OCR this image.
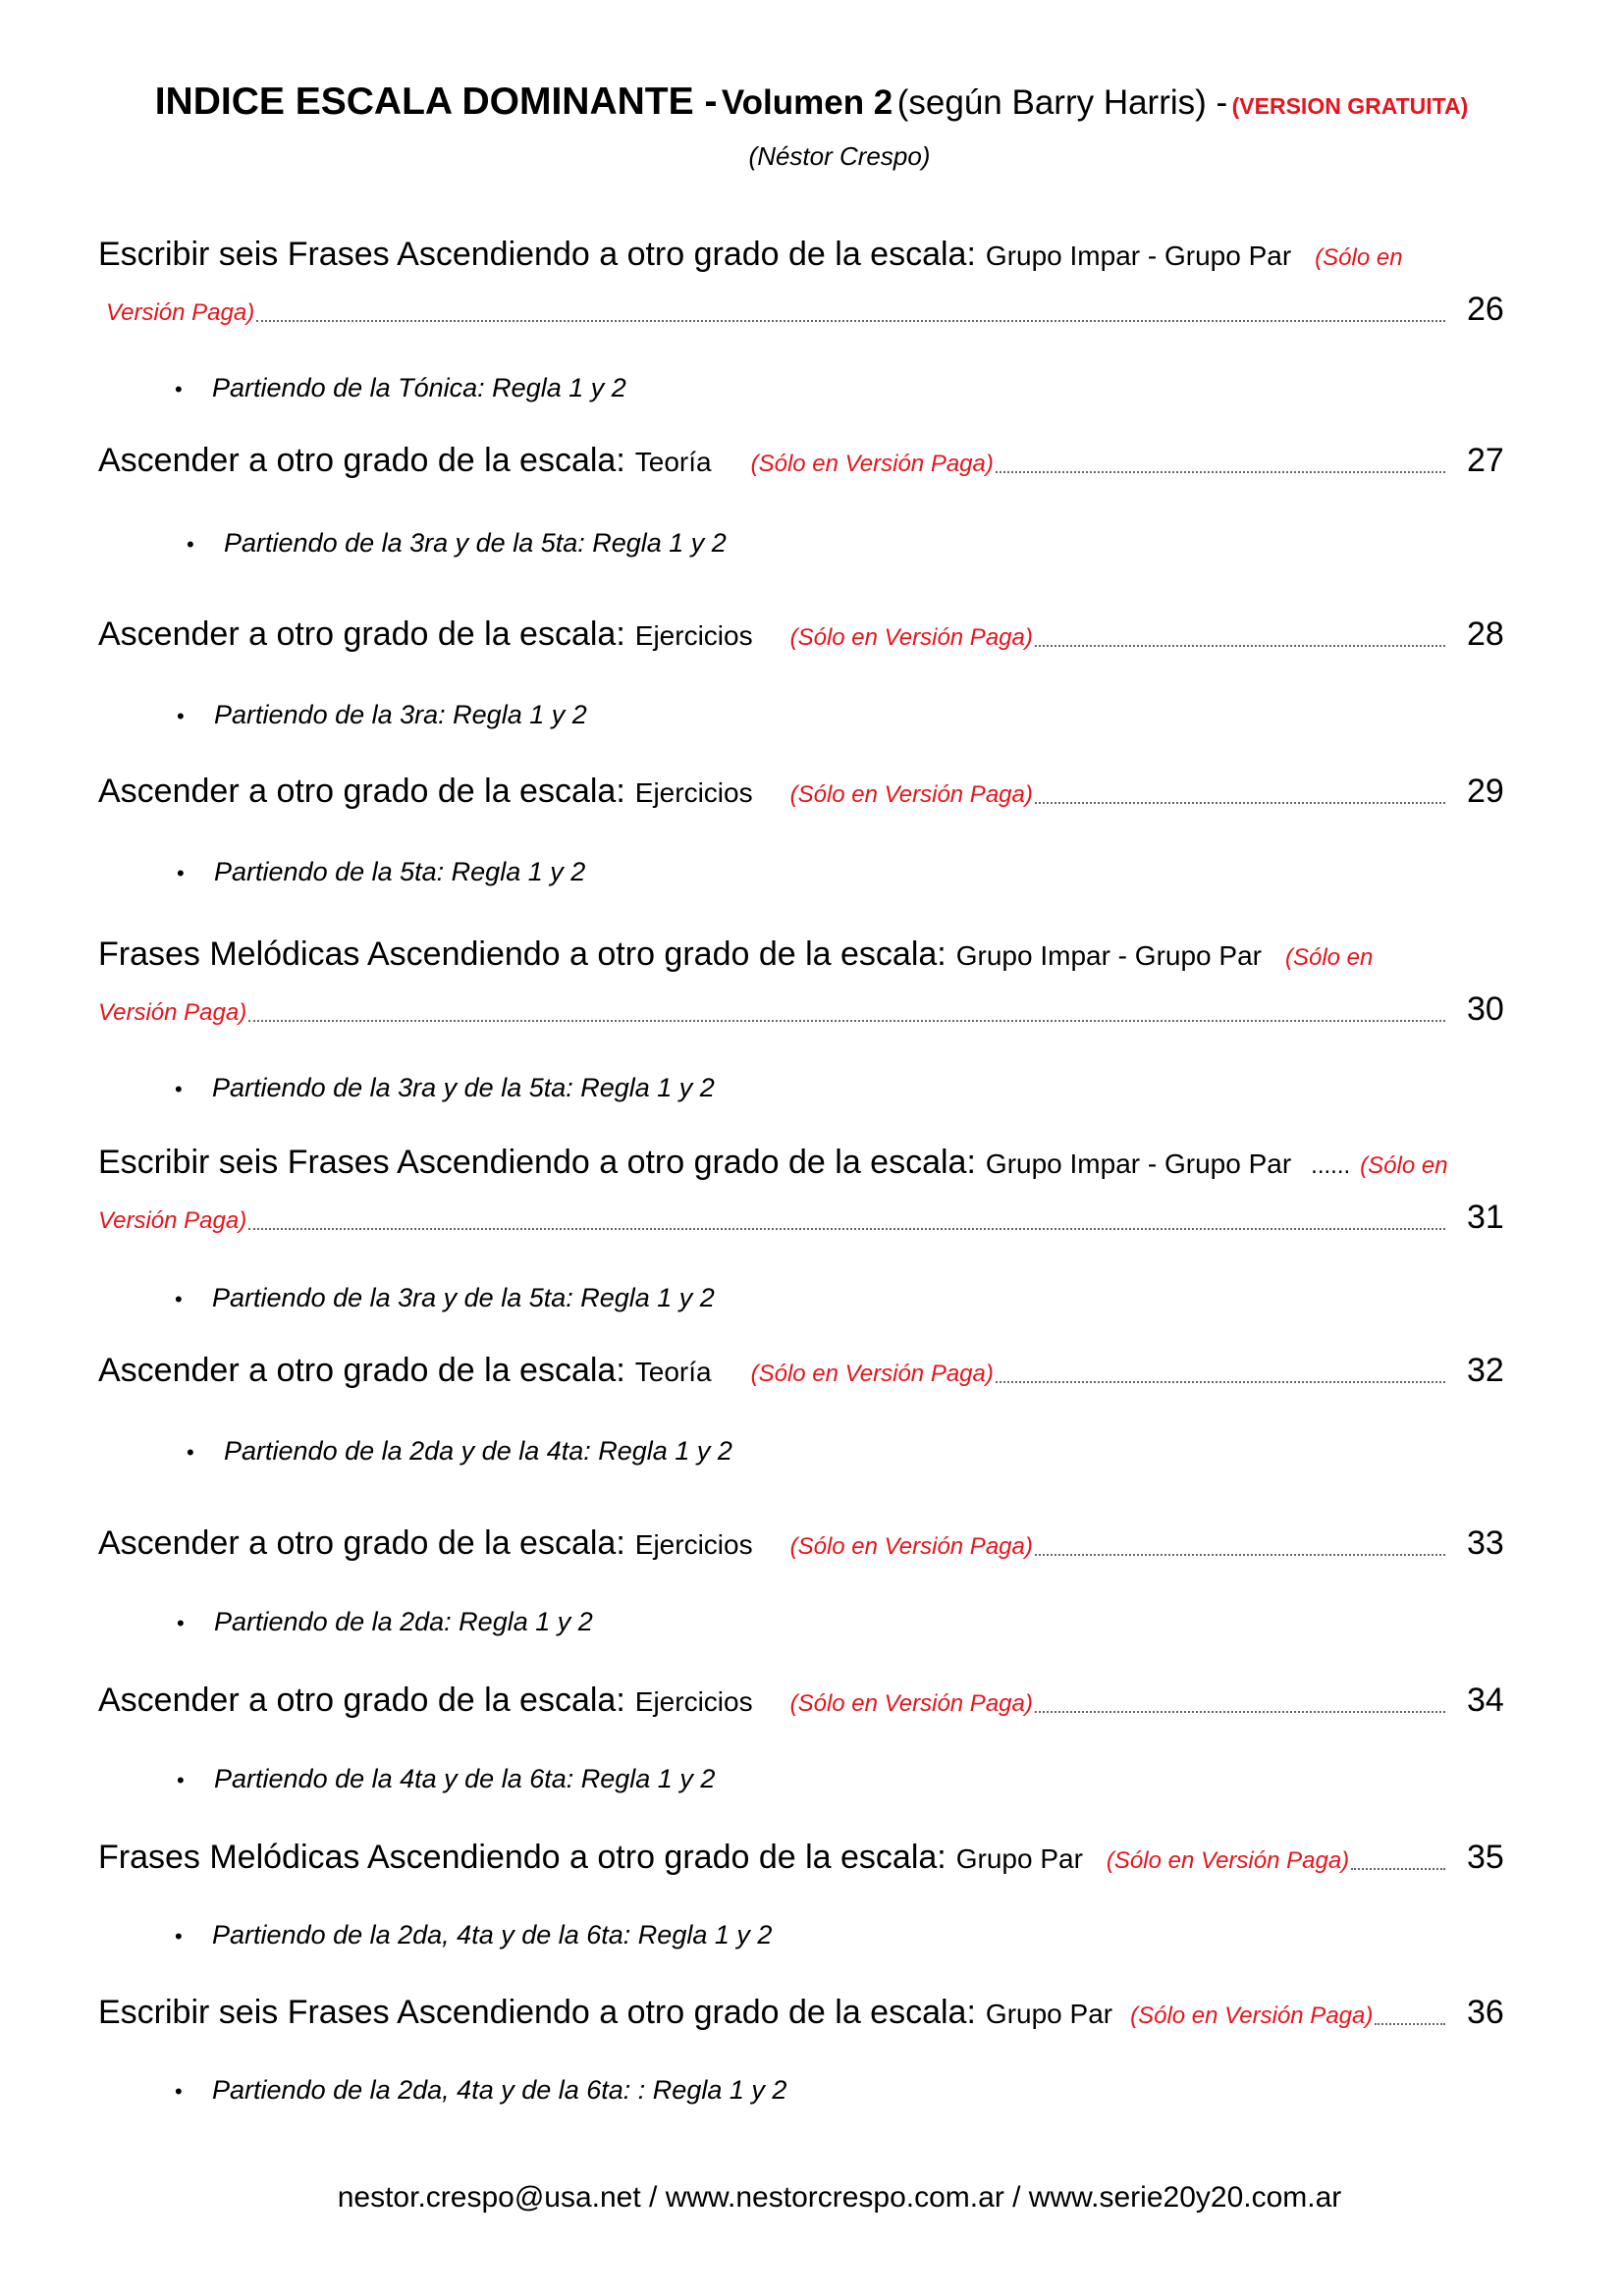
INDICE ESCALA DOMINANTE - Volumen 2 (según Barry Harris) - (VERSION GRATUITA)
(Néstor Crespo)
Escribir seis Frases Ascendiendo a otro grado de la escala: Grupo Impar - Grupo Par (Sólo en
Versión Paga)	26
•	Partiendo de la Tónica: Regla 1 y 2
Ascender a otro grado de la escala: Teoría (Sólo en Versión Paga)	27
•	Partiendo de la 3ra y de la 5ta: Regla 1 y 2
Ascender a otro grado de la escala: Ejercicios (Sólo en Versión Paga)	28
•	Partiendo de la 3ra: Regla 1 y 2
Ascender a otro grado de la escala: Ejercicios (Sólo en Versión Paga)	29
•	Partiendo de la 5ta: Regla 1 y 2
Frases Melódicas Ascendiendo a otro grado de la escala: Grupo Impar - Grupo Par (Sólo en
Versión Paga)	30
•	Partiendo de la 3ra y de la 5ta: Regla 1 y 2
Escribir seis Frases Ascendiendo a otro grado de la escala: Grupo Impar - Grupo Par ...... (Sólo en
Versión Paga)	31
•	Partiendo de la 3ra y de la 5ta: Regla 1 y 2
Ascender a otro grado de la escala: Teoría (Sólo en Versión Paga)	32
•	Partiendo de la 2da y de la 4ta: Regla 1 y 2
Ascender a otro grado de la escala: Ejercicios (Sólo en Versión Paga)	33
•	Partiendo de la 2da: Regla 1 y 2
Ascender a otro grado de la escala: Ejercicios (Sólo en Versión Paga)	34
•	Partiendo de la 4ta y de la 6ta: Regla 1 y 2
Frases Melódicas Ascendiendo a otro grado de la escala: Grupo Par (Sólo en Versión Paga)	35
•	Partiendo de la 2da, 4ta y de la 6ta: Regla 1 y 2
Escribir seis Frases Ascendiendo a otro grado de la escala: Grupo Par (Sólo en Versión Paga)	36
•	Partiendo de la 2da, 4ta y de la 6ta: : Regla 1 y 2
nestor.crespo@usa.net / www.nestorcrespo.com.ar / www.serie20y20.com.ar
